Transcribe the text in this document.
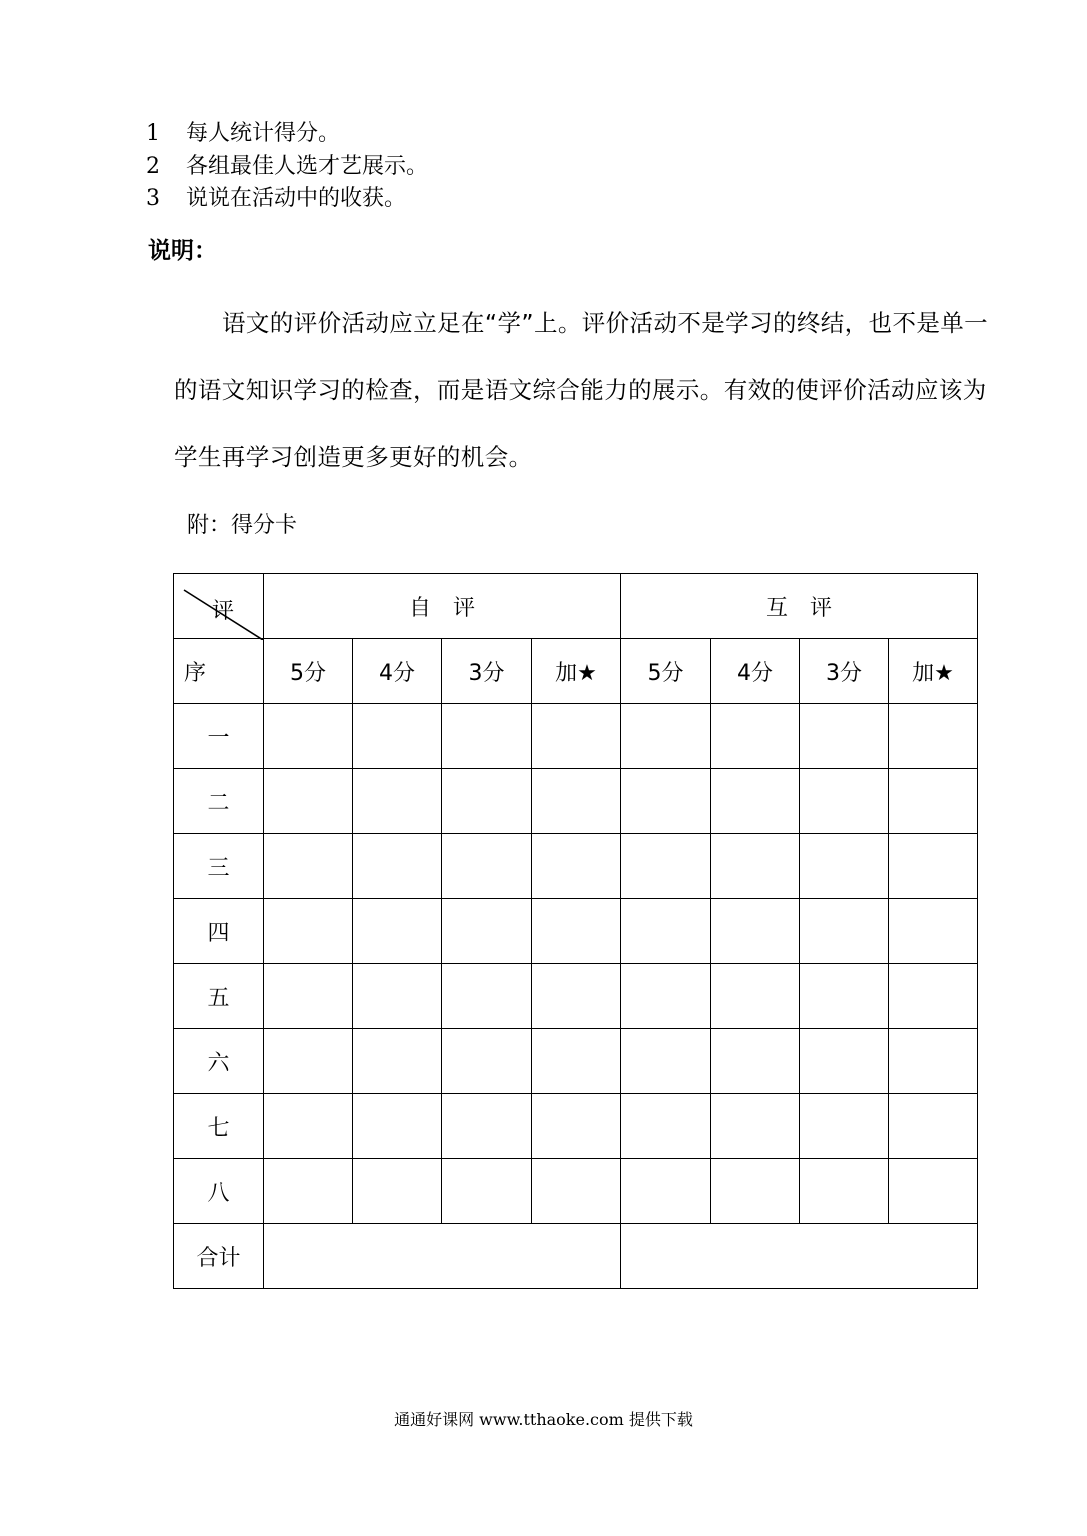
1 每人统计得分。
2 各组最佳人选才艺展示。
3 说说在活动中的收获。
说明：

语文的评价活动应立足在“学”上。评价活动不是学习的终结，也不是单一的语文知识学习的检查，而是语文综合能力的展示。有效的使评价活动应该为学生再学习创造更多更好的机会。

附：得分卡
评	自　评				互　评			
序	5分	4分	3分	加★	5分	4分	3分	加★
一								
二								
三								
四								
五								
六								
七								
八								
合计								
通通好课网 www.tthaoke.com 提供下载
